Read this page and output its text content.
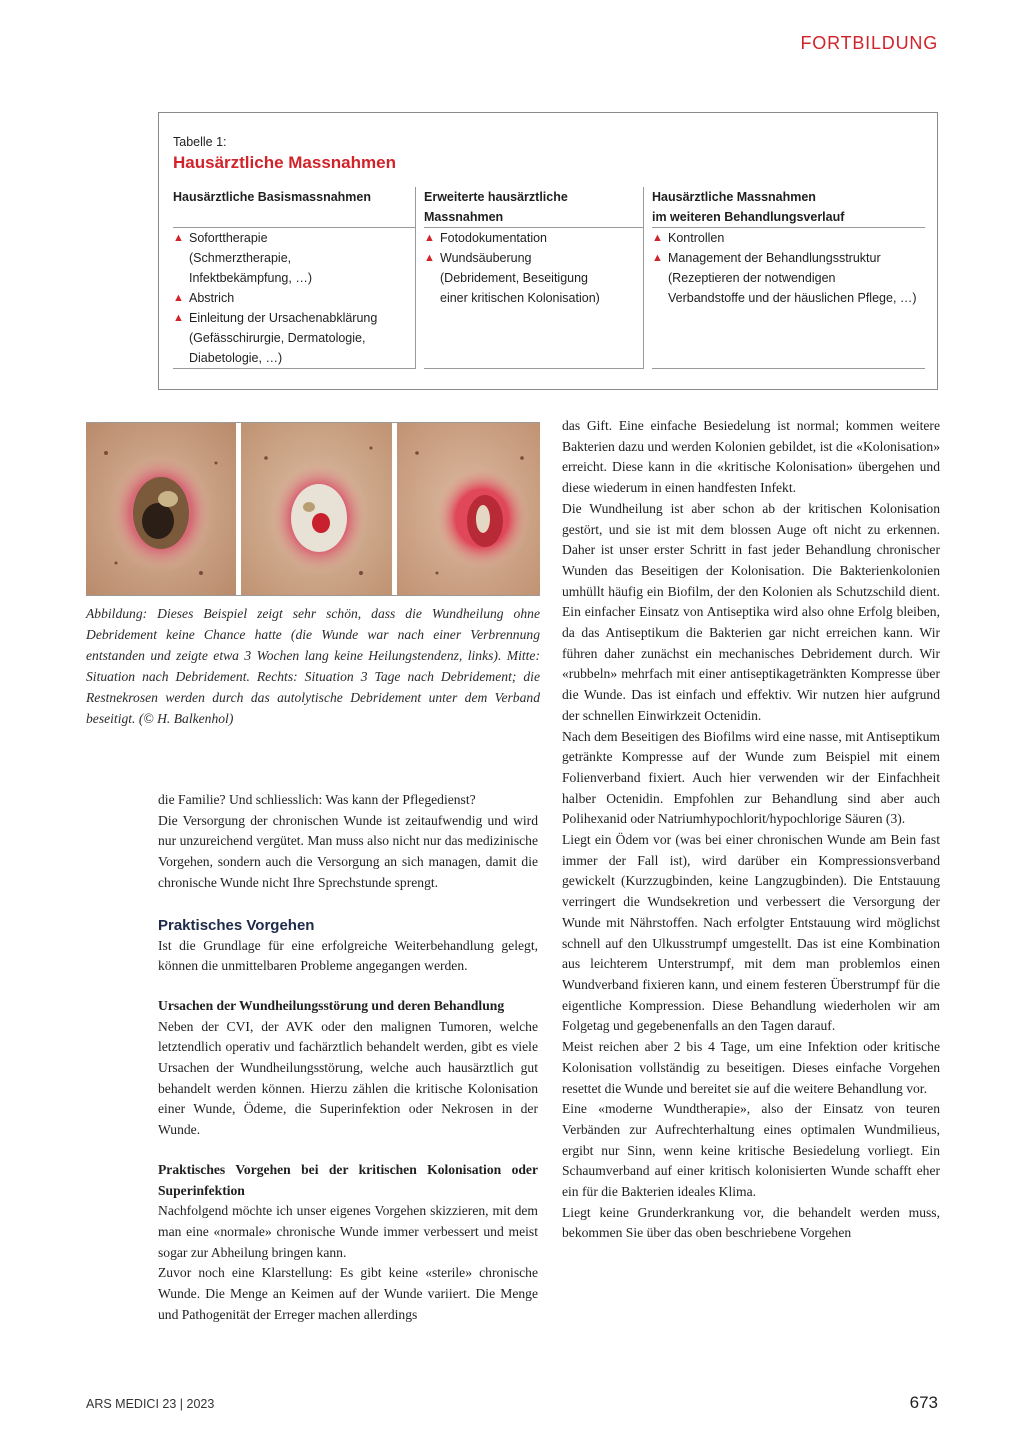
FORTBILDUNG
Tabelle 1:
Hausärztliche Massnahmen
Hausärztliche Basismassnahmen
▲ Soforttherapie
(Schmerztherapie,
Infektbekämpfung, …)
▲ Abstrich
▲ Einleitung der Ursachenabklärung
(Gefässchirurgie, Dermatologie,
Diabetologie, …)
Erweiterte hausärztliche
Massnahmen
▲ Fotodokumentation
▲ Wundsäuberung
(Debridement, Beseitigung
einer kritischen Kolonisation)
Hausärztliche Massnahmen
im weiteren Behandlungsverlauf
▲ Kontrollen
▲ Management der Behandlungsstruktur
(Rezeptieren der notwendigen
Verbandstoffe und der häuslichen Pflege, …)
Abbildung: Dieses Beispiel zeigt sehr schön, dass die Wundheilung ohne Debridement keine Chance hatte (die Wunde war nach einer Verbrennung entstanden und zeigte etwa 3 Wochen lang keine Heilungstendenz, links). Mitte: Situation nach Debridement. Rechts: Situation 3 Tage nach Debridement; die Restnekrosen werden durch das autolytische Debridement unter dem Verband beseitigt. (© H. Balkenhol)

die Familie? Und schliesslich: Was kann der Pflegedienst?

Die Versorgung der chronischen Wunde ist zeitaufwendig und wird nur unzureichend vergütet. Man muss also nicht nur das medizinische Vorgehen, sondern auch die Versorgung an sich managen, damit die chronische Wunde nicht Ihre Sprechstunde sprengt.

Praktisches Vorgehen

Ist die Grundlage für eine erfolgreiche Weiterbehandlung gelegt, können die unmittelbaren Probleme angegangen werden.

Ursachen der Wundheilungsstörung und deren Behandlung

Neben der CVI, der AVK oder den malignen Tumoren, welche letztendlich operativ und fachärztlich behandelt werden, gibt es viele Ursachen der Wundheilungsstörung, welche auch hausärztlich gut behandelt werden können. Hierzu zählen die kritische Kolonisation einer Wunde, Ödeme, die Superinfektion oder Nekrosen in der Wunde.

Praktisches Vorgehen bei der kritischen Kolonisation oder Superinfektion

Nachfolgend möchte ich unser eigenes Vorgehen skizzieren, mit dem man eine «normale» chronische Wunde immer verbessert und meist sogar zur Abheilung bringen kann.

Zuvor noch eine Klarstellung: Es gibt keine «sterile» chronische Wunde. Die Menge an Keimen auf der Wunde variiert. Die Menge und Pathogenität der Erreger machen allerdings

das Gift. Eine einfache Besiedelung ist normal; kommen weitere Bakterien dazu und werden Kolonien gebildet, ist die «Kolonisation» erreicht. Diese kann in die «kritische Kolonisation» übergehen und diese wiederum in einen handfesten Infekt.

Die Wundheilung ist aber schon ab der kritischen Kolonisation gestört, und sie ist mit dem blossen Auge oft nicht zu erkennen. Daher ist unser erster Schritt in fast jeder Behandlung chronischer Wunden das Beseitigen der Kolonisation. Die Bakterienkolonien umhüllt häufig ein Biofilm, der den Kolonien als Schutzschild dient. Ein einfacher Einsatz von Antiseptika wird also ohne Erfolg bleiben, da das Antiseptikum die Bakterien gar nicht erreichen kann. Wir führen daher zunächst ein mechanisches Debridement durch. Wir «rubbeln» mehrfach mit einer antiseptikagetränkten Kompresse über die Wunde. Das ist einfach und effektiv. Wir nutzen hier aufgrund der schnellen Einwirkzeit Octenidin.

Nach dem Beseitigen des Biofilms wird eine nasse, mit Antiseptikum getränkte Kompresse auf der Wunde zum Beispiel mit einem Folienverband fixiert. Auch hier verwenden wir der Einfachheit halber Octenidin. Empfohlen zur Behandlung sind aber auch Polihexanid oder Natriumhypochlorit/hypochlorige Säuren (3).

Liegt ein Ödem vor (was bei einer chronischen Wunde am Bein fast immer der Fall ist), wird darüber ein Kompressionsverband gewickelt (Kurzzugbinden, keine Langzugbinden). Die Entstauung verringert die Wundsekretion und verbessert die Versorgung der Wunde mit Nährstoffen. Nach erfolgter Entstauung wird möglichst schnell auf den Ulkusstrumpf umgestellt. Das ist eine Kombination aus leichterem Unterstrumpf, mit dem man problemlos einen Wundverband fixieren kann, und einem festeren Überstrumpf für die eigentliche Kompression. Diese Behandlung wiederholen wir am Folgetag und gegebenenfalls an den Tagen darauf.

Meist reichen aber 2 bis 4 Tage, um eine Infektion oder kritische Kolonisation vollständig zu beseitigen. Dieses einfache Vorgehen resettet die Wunde und bereitet sie auf die weitere Behandlung vor.

Eine «moderne Wundtherapie», also der Einsatz von teuren Verbänden zur Aufrechterhaltung eines optimalen Wundmilieus, ergibt nur Sinn, wenn keine kritische Besiedelung vorliegt. Ein Schaumverband auf einer kritisch kolonisierten Wunde schafft eher ein für die Bakterien ideales Klima.

Liegt keine Grunderkrankung vor, die behandelt werden muss, bekommen Sie über das oben beschriebene Vorgehen

ARS MEDICI 23 | 2023	673
